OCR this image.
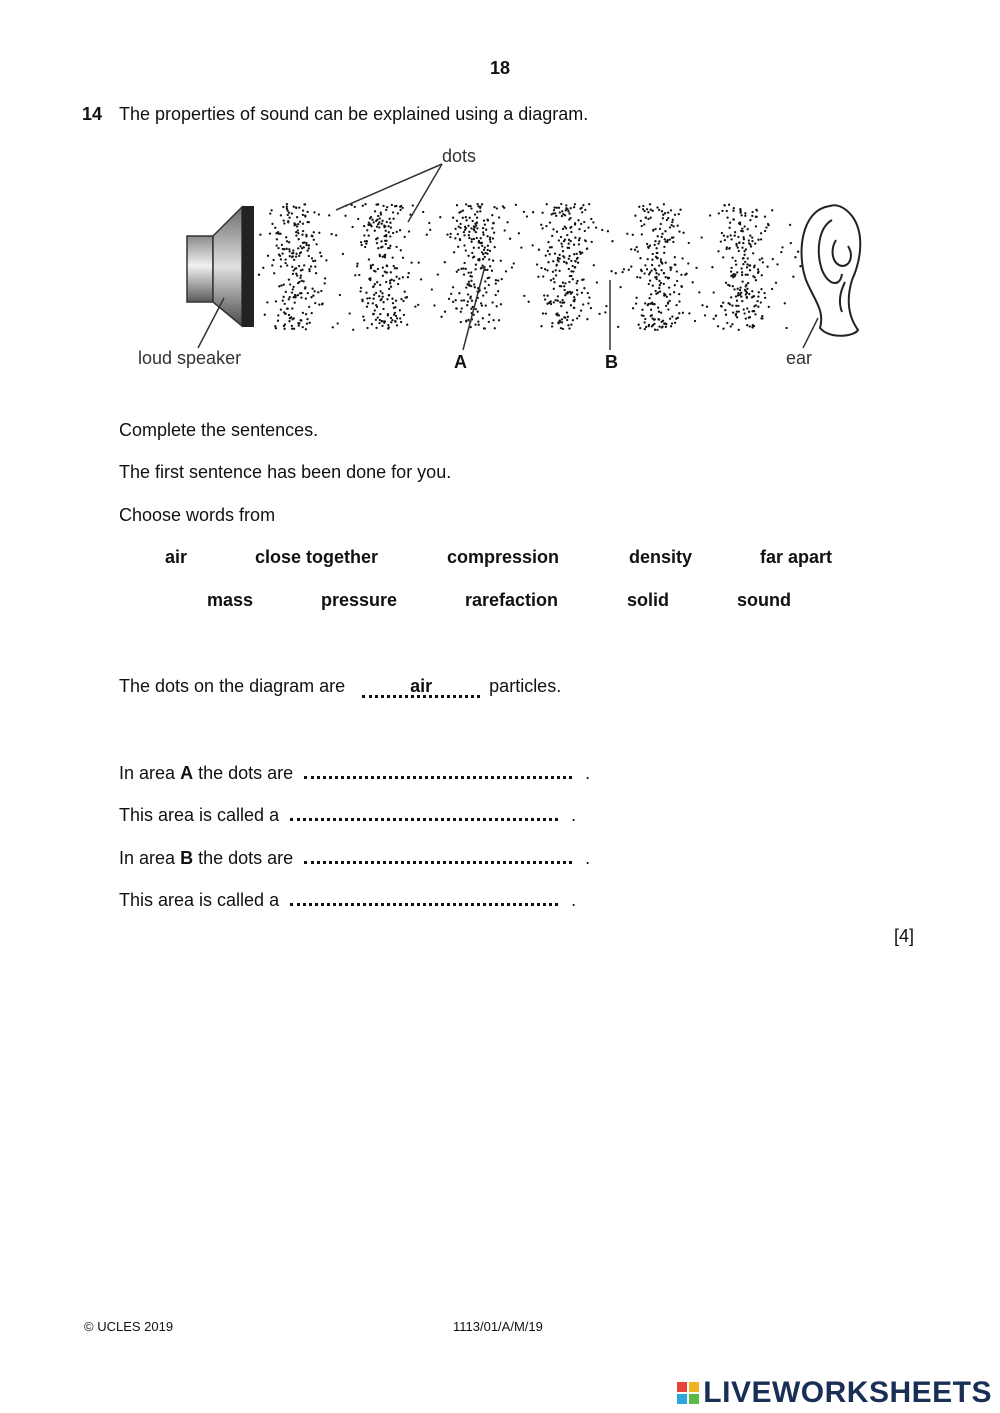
18
14 The properties of sound can be explained using a diagram.
dots
loud speaker	A	B	ear
Complete the sentences.
The first sentence has been done for you.
Choose words from
air	close together	compression	density	far apart
mass	pressure	rarefaction	solid	sound
The dots on the diagram are	air	particles.
In area A the dots are	.
This area is called a	.
In area B the dots are	.
This area is called a	.
[4]
© UCLES 2019	1113/01/A/M/19
LIVEWORKSHEETS
